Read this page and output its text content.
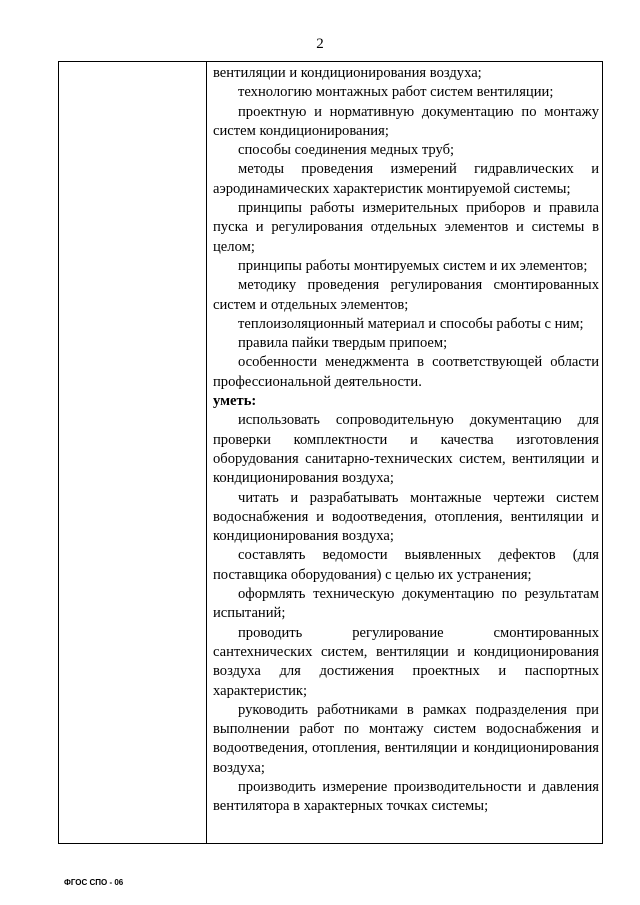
2

вентиляции и кондиционирования воздуха;

технологию монтажных работ систем вентиляции;

проектную и нормативную документацию по монтажу систем кондиционирования;

способы соединения медных труб;

методы проведения измерений гидравлических и аэродинамических характеристик монтируемой системы;

принципы работы измерительных приборов и правила пуска и регулирования отдельных элементов и системы в целом;

принципы работы монтируемых систем и их элементов;

методику проведения регулирования смонтированных систем и отдельных элементов;

теплоизоляционный материал и способы работы с ним;

правила пайки твердым припоем;

особенности менеджмента в соответствующей области профессиональной деятельности.

уметь:

использовать сопроводительную документацию для проверки комплектности и качества изготовления оборудования санитарно-технических систем, вентиляции и кондиционирования воздуха;

читать и разрабатывать монтажные чертежи систем водоснабжения и водоотведения, отопления, вентиляции и кондиционирования воздуха;

составлять ведомости выявленных дефектов (для поставщика оборудования) с целью их устранения;

оформлять техническую документацию по результатам испытаний;

проводить регулирование смонтированных сантехнических систем, вентиляции и кондиционирования воздуха для достижения проектных и паспортных характеристик;

руководить работниками в рамках подразделения при выполнении работ по монтажу систем водоснабжения и водоотведения, отопления, вентиляции и кондиционирования воздуха;

производить измерение производительности и давления вентилятора в характерных точках системы;

ФГОС СПО - 06
